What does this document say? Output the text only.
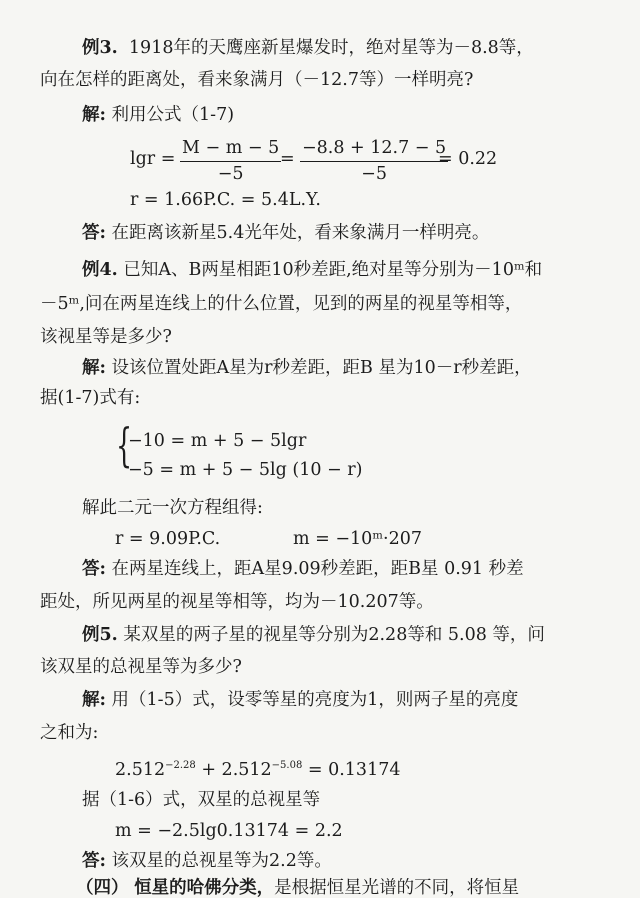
例3. 1918年的天鹰座新星爆发时，绝对星等为－8.8等，
向在怎样的距离处，看来象满月（－12.7等）一样明亮?
解: 利用公式（1-7)
$\lg r = \frac{M - m - 5}{-5}$
= $\frac{-8.8 + 12.7 - 5}{-5}$
= 0.22
r = 1.66P.C. = 5.4L.Y.
答: 在距离该新星5.4光年处，看来象满月一样明亮。
例4. 已知A、B两星相距10秒差距,绝对星等分别为－10ᵐ和
－5ᵐ,问在两星连线上的什么位置，见到的两星的视星等相等，
该视星等是多少?
解: 设该位置处距A星为r秒差距，距B 星为10－r秒差距，
据(1-7)式有:
{
−10 = m + 5 − 5lgr
−5 = m + 5 − 5lg (10 − r)
解此二元一次方程组得:
r = 9.09P.C.	m = −10ᵐ·207
答: 在两星连线上，距A星9.09秒差距，距B星 0.91 秒差
距处，所见两星的视星等相等，均为－10.207等。
例5. 某双星的两子星的视星等分别为2.28等和 5.08 等，问
该双星的总视星等为多少?
解: 用（1-5）式，设零等星的亮度为1，则两子星的亮度
之和为:
$2.512^{-2.28} + 2.512^{-5.08} = 0.13174$
据（1-6）式，双星的总视星等
m = −2.5lg0.13174 = 2.2
答: 该双星的总视星等为2.2等。
（四） 恒星的哈佛分类，是根据恒星光谱的不同，将恒星
